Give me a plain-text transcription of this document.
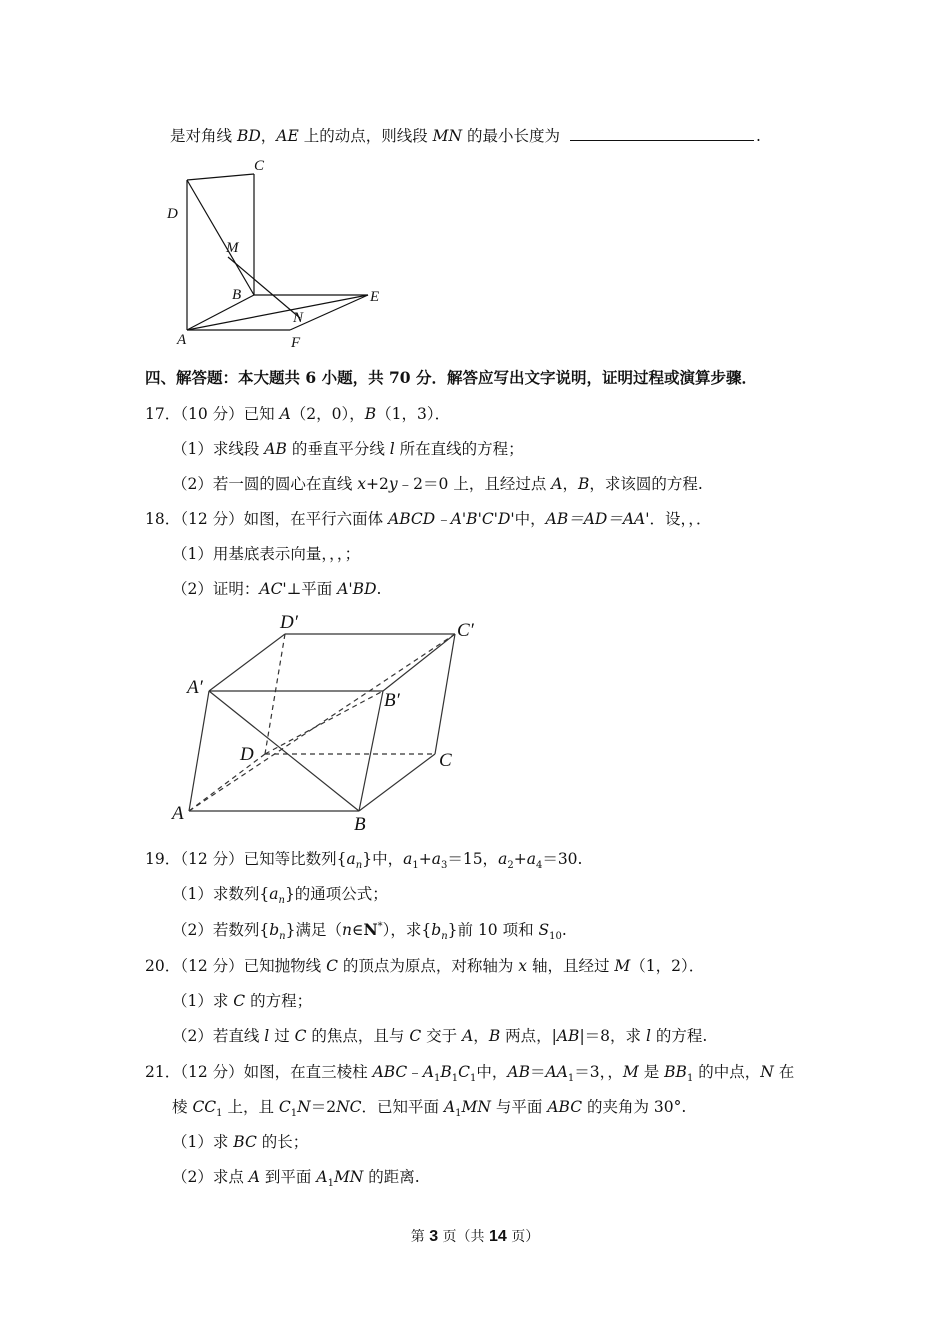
是对角线 BD，AE 上的动点，则线段 MN 的最小长度为	.
C
D
M
B	E
N
A	F
四、解答题：本大题共 6 小题，共 70 分．解答应写出文字说明，证明过程或演算步骤．
17．（10 分）已知 A（2，0），B（1，3）．
（1）求线段 AB 的垂直平分线 l 所在直线的方程；
（2）若一圆的圆心在直线 x+2y﹣2＝0 上，且经过点 A，B，求该圆的方程.
18．（12 分）如图，在平行六面体 ABCD﹣A'B'C'D'中，AB＝AD＝AA'．设，，．
（1）用基底表示向量，，，；
（2）证明：AC'⊥平面 A'BD.
D′	C′
A′
B′
D	C
A
B
19．（12 分）已知等比数列$\{a_n\}$中，$a_1+a_3=15$，$a_2+a_4=30$.
（1）求数列$\{a_n\}$的通项公式；
（2）若数列$\{b_n\}$满足（n∈N*），求$\{b_n\}$前 10 项和 $S_{10}$.
20．（12 分）已知抛物线 C 的顶点为原点，对称轴为 x 轴，且经过 M（1，2）．
（1）求 C 的方程；
（2）若直线 l 过 C 的焦点，且与 C 交于 A，B 两点，|AB|＝8，求 l 的方程.
21．（12 分）如图，在直三棱柱 $ABC﹣A_1B_1C_1$中，$AB=AA_1=3$，，M 是 $BB_1$ 的中点，N 在
棱 $CC_1$ 上，且 $C_1N=2NC$．已知平面 $A_1MN$ 与平面 ABC 的夹角为 30°.
（1）求 BC 的长；
（2）求点 A 到平面 $A_1MN$ 的距离.
第 3 页（共 14 页）
